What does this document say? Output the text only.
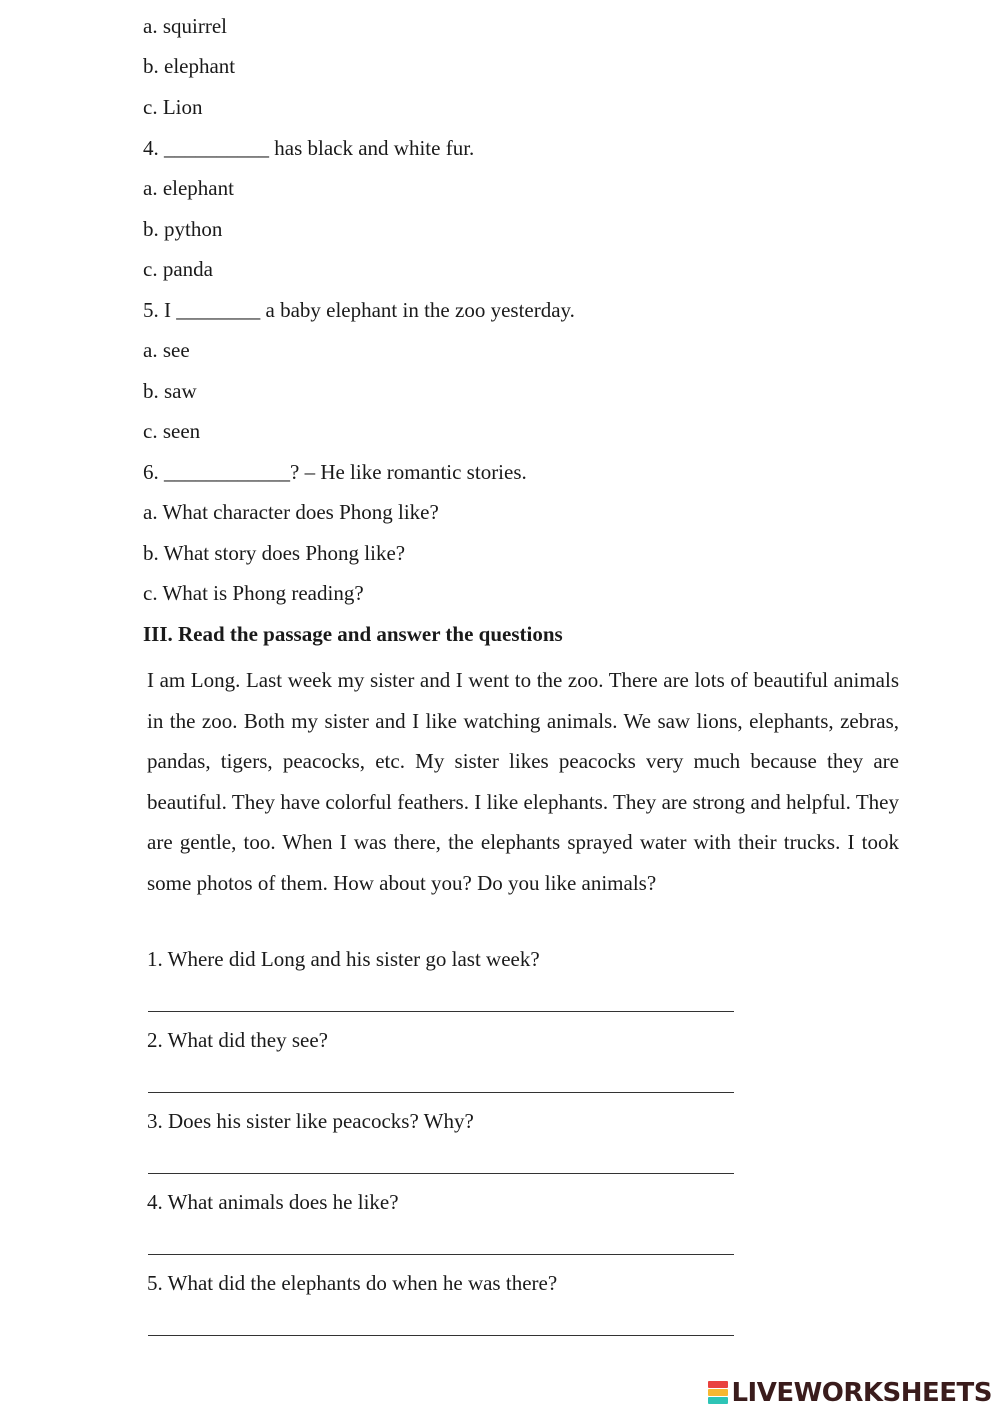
a. squirrel
b. elephant
c. Lion
4. __________ has black and white fur.
a. elephant
b. python
c. panda
5. I ________ a baby elephant in the zoo yesterday.
a. see
b. saw
c. seen
6. ____________? – He like romantic stories.
a. What character does Phong like?
b. What story does Phong like?
c. What is Phong reading?
III. Read the passage and answer the questions
I am Long. Last week my sister and I went to the zoo. There are lots of beautiful animals in the zoo. Both my sister and I like watching animals. We saw lions, elephants, zebras, pandas, tigers, peacocks, etc. My sister likes peacocks very much because they are beautiful. They have colorful feathers. I like elephants. They are strong and helpful. They are gentle, too. When I was there, the elephants sprayed water with their trucks. I took some photos of them. How about you? Do you like animals?
1. Where did Long and his sister go last week?
2. What did they see?
3. Does his sister like peacocks? Why?
4. What animals does he like?
5. What did the elephants do when he was there?
LIVEWORKSHEETS
